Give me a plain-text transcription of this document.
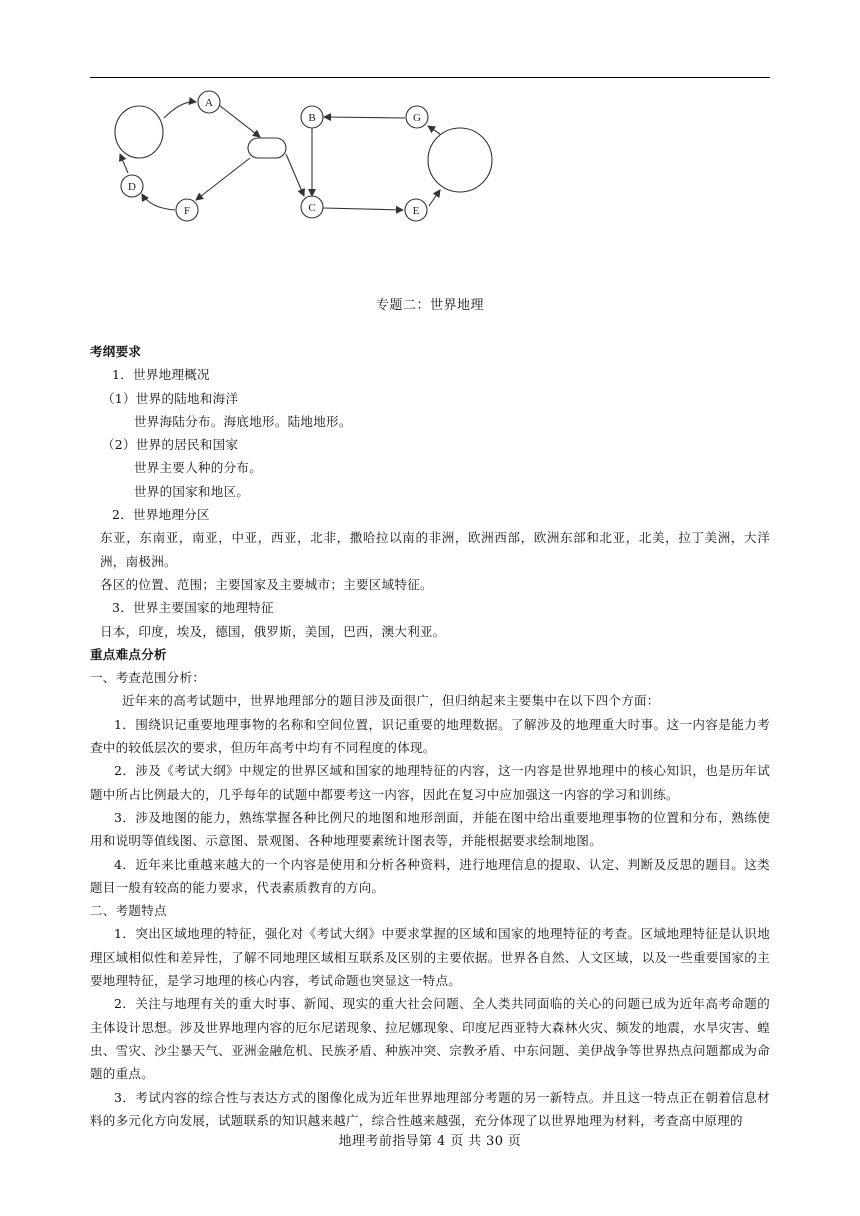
A
D
F
B
C
G
E
专题二：世界地理
考纲要求
1．世界地理概况
（1）世界的陆地和海洋
世界海陆分布。海底地形。陆地地形。
（2）世界的居民和国家
世界主要人种的分布。
世界的国家和地区。
2．世界地理分区
东亚，东南亚，南亚，中亚，西亚，北非，撒哈拉以南的非洲，欧洲西部，欧洲东部和北亚，北美，拉丁美洲，大洋洲，南极洲。
各区的位置、范围；主要国家及主要城市；主要区域特征。
3．世界主要国家的地理特征
日本，印度，埃及，德国，俄罗斯，美国，巴西，澳大利亚。
重点难点分析
一、考查范围分析：
近年来的高考试题中，世界地理部分的题目涉及面很广，但归纳起来主要集中在以下四个方面：
1．围绕识记重要地理事物的名称和空间位置，识记重要的地理数据。了解涉及的地理重大时事。这一内容是能力考查中的较低层次的要求，但历年高考中均有不同程度的体现。
2．涉及《考试大纲》中规定的世界区域和国家的地理特征的内容，这一内容是世界地理中的核心知识，也是历年试题中所占比例最大的，几乎每年的试题中都要考这一内容，因此在复习中应加强这一内容的学习和训练。
3．涉及地图的能力，熟练掌握各种比例尺的地图和地形剖面，并能在图中给出重要地理事物的位置和分布，熟练使用和说明等值线图、示意图、景观图、各种地理要素统计图表等，并能根据要求绘制地图。
4．近年来比重越来越大的一个内容是使用和分析各种资料，进行地理信息的提取、认定、判断及反思的题目。这类题目一般有较高的能力要求，代表素质教育的方向。
二、考题特点
1．突出区域地理的特征，强化对《考试大纲》中要求掌握的区域和国家的地理特征的考查。区域地理特征是认识地理区域相似性和差异性，了解不同地理区域相互联系及区别的主要依据。世界各自然、人文区域，以及一些重要国家的主要地理特征，是学习地理的核心内容，考试命题也突显这一特点。
2．关注与地理有关的重大时事、新闻、现实的重大社会问题、全人类共同面临的关心的问题已成为近年高考命题的主体设计思想。涉及世界地理内容的厄尔尼诺现象、拉尼娜现象、印度尼西亚特大森林火灾、频发的地震，水旱灾害、蝗虫、雪灾、沙尘暴天气、亚洲金融危机、民族矛盾、种族冲突、宗教矛盾、中东问题、美伊战争等世界热点问题都成为命题的重点。
3．考试内容的综合性与表达方式的图像化成为近年世界地理部分考题的另一新特点。并且这一特点正在朝着信息材料的多元化方向发展，试题联系的知识越来越广，综合性越来越强，充分体现了以世界地理为材料，考查高中原理的
地理考前指导第 4 页 共 30 页
